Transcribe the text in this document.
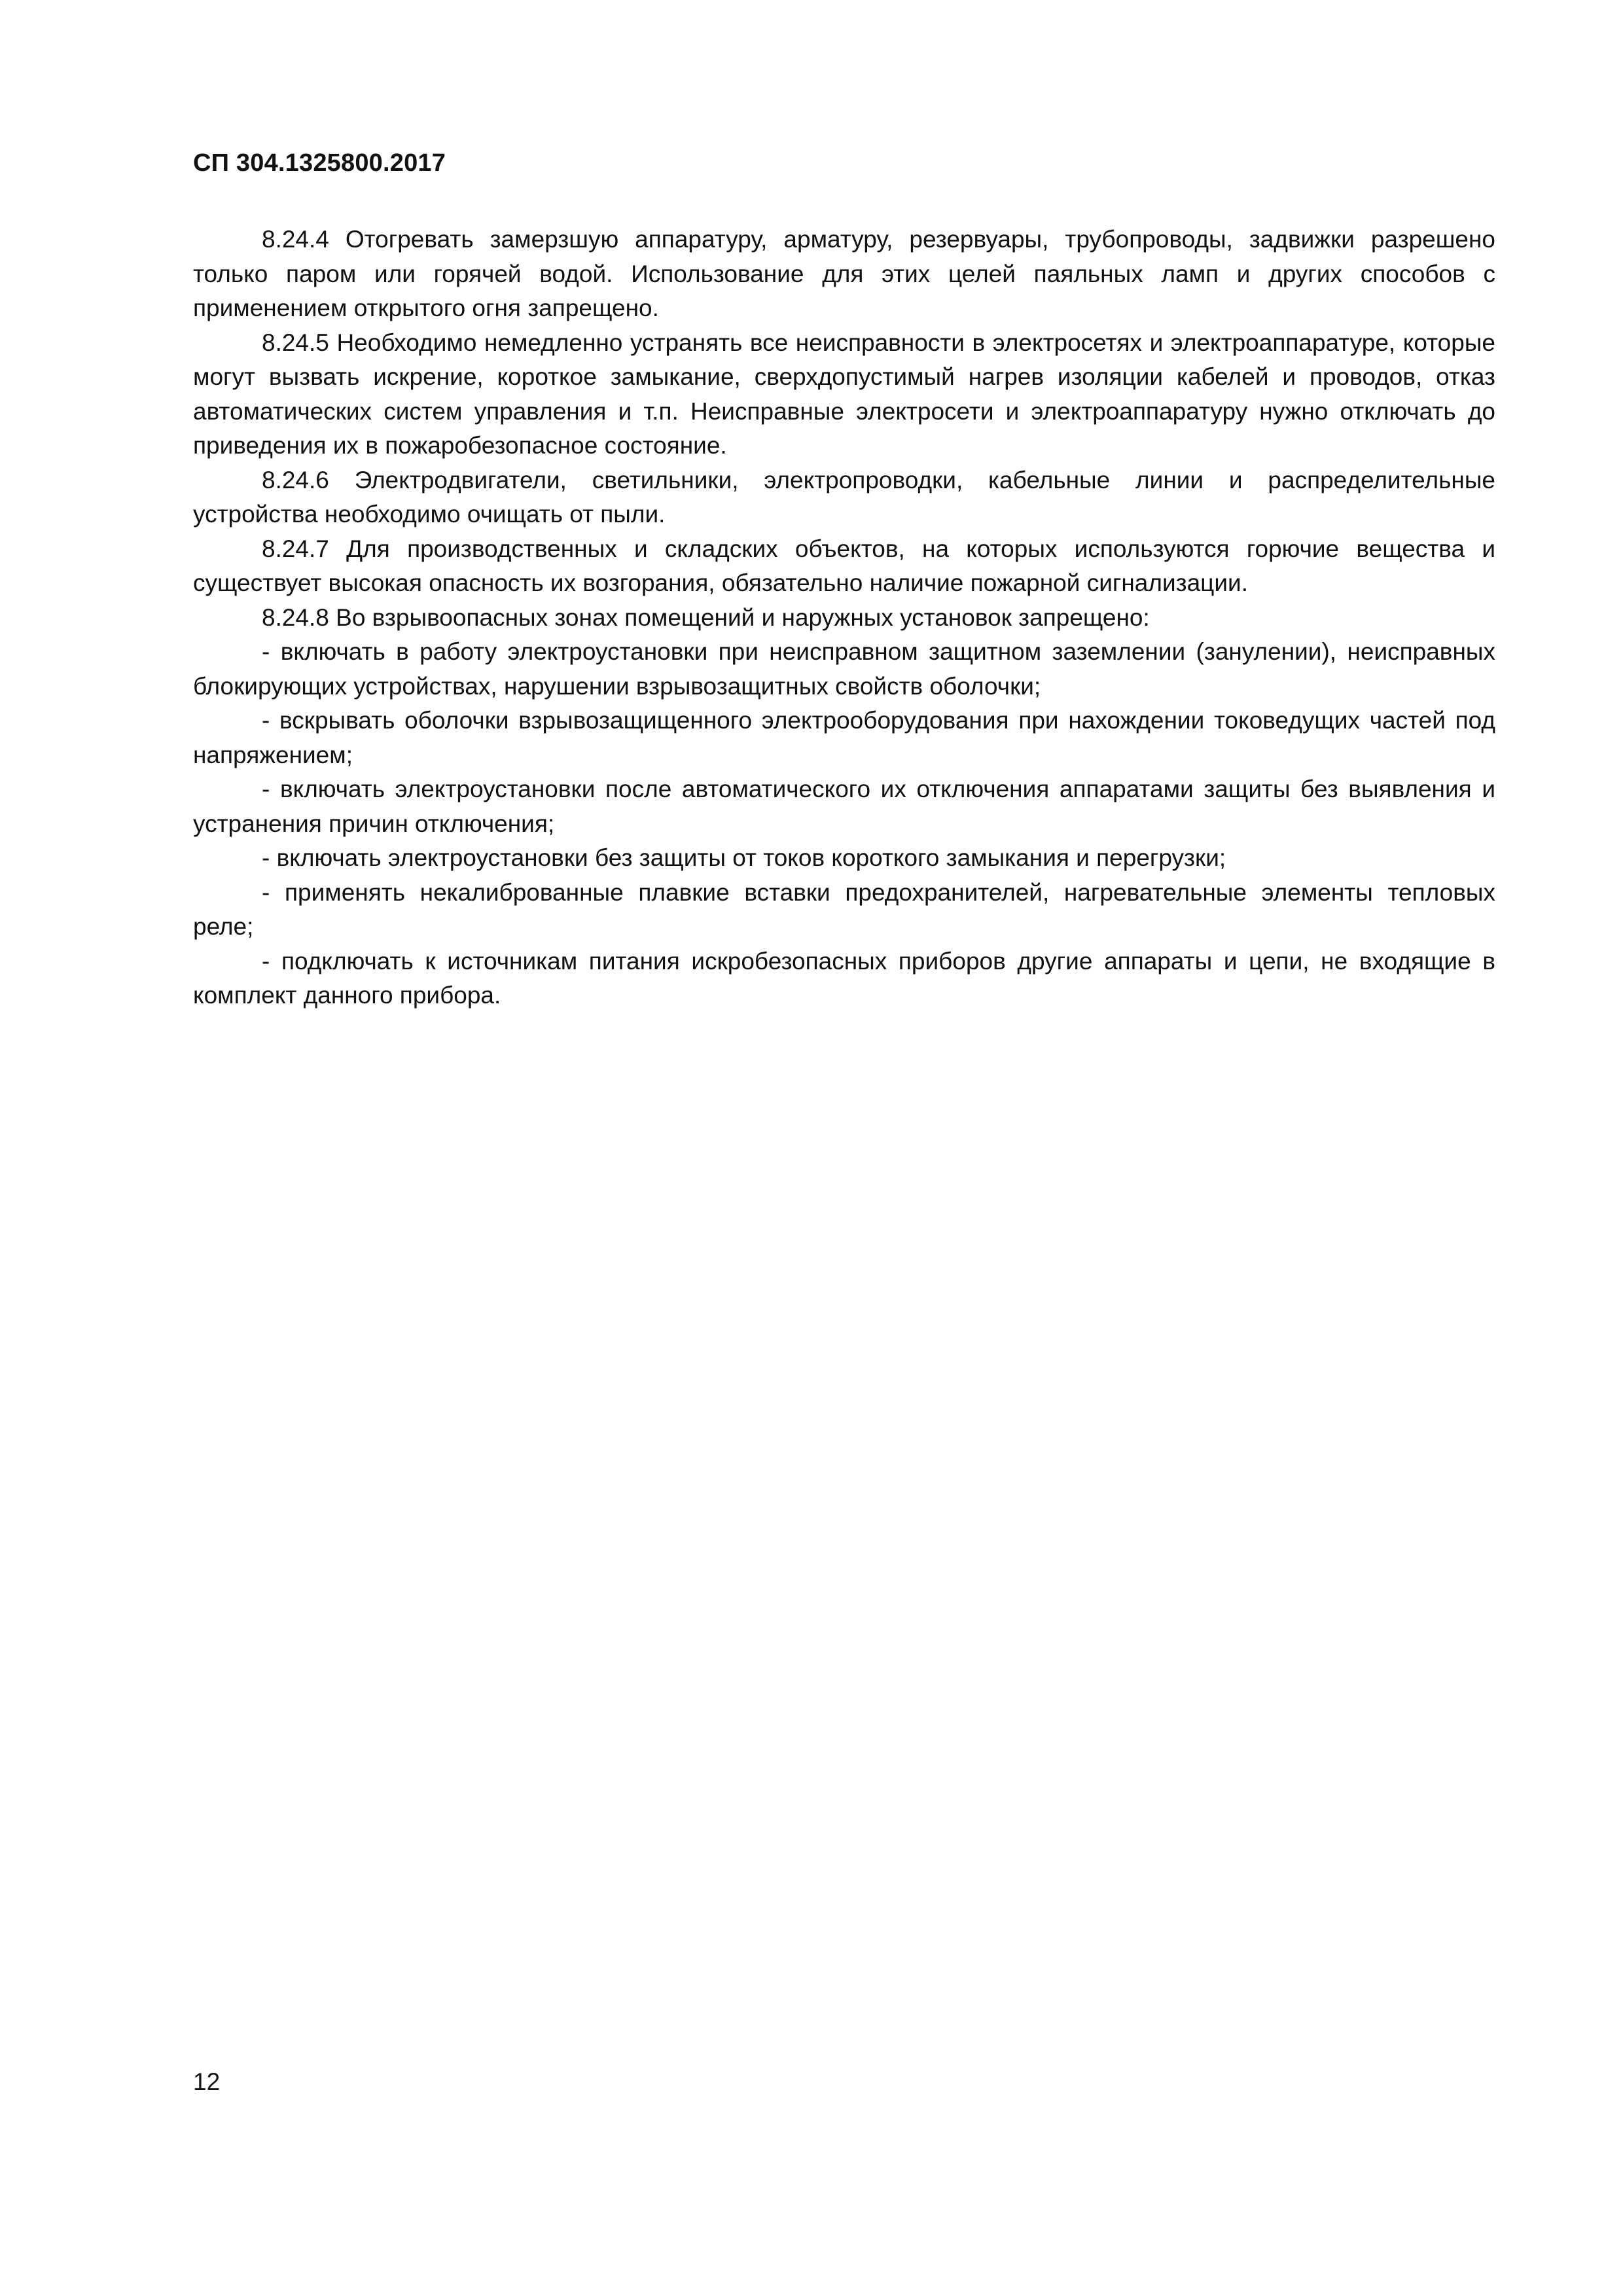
СП 304.1325800.2017

8.24.4 Отогревать замерзшую аппаратуру, арматуру, резервуары, трубопроводы, задвижки разрешено только паром или горячей водой. Использование для этих целей паяльных ламп и других способов с применением открытого огня запрещено.

8.24.5 Необходимо немедленно устранять все неисправности в электросетях и электроаппаратуре, которые могут вызвать искрение, короткое замыкание, сверхдопустимый нагрев изоляции кабелей и проводов, отказ автоматических систем управления и т.п. Неисправные электросети и электроаппаратуру нужно отключать до приведения их в пожаробезопасное состояние.

8.24.6 Электродвигатели, светильники, электропроводки, кабельные линии и распределительные устройства необходимо очищать от пыли.

8.24.7 Для производственных и складских объектов, на которых используются горючие вещества и существует высокая опасность их возгорания, обязательно наличие пожарной сигнализации.

8.24.8 Во взрывоопасных зонах помещений и наружных установок запрещено:

- включать в работу электроустановки при неисправном защитном заземлении (занулении), неисправных блокирующих устройствах, нарушении взрывозащитных свойств оболочки;

- вскрывать оболочки взрывозащищенного электрооборудования при нахождении токоведущих частей под напряжением;

- включать электроустановки после автоматического их отключения аппаратами защиты без выявления и устранения причин отключения;

- включать электроустановки без защиты от токов короткого замыкания и перегрузки;

- применять некалиброванные плавкие вставки предохранителей, нагревательные элементы тепловых реле;

- подключать к источникам питания искробезопасных приборов другие аппараты и цепи, не входящие в комплект данного прибора.

12
